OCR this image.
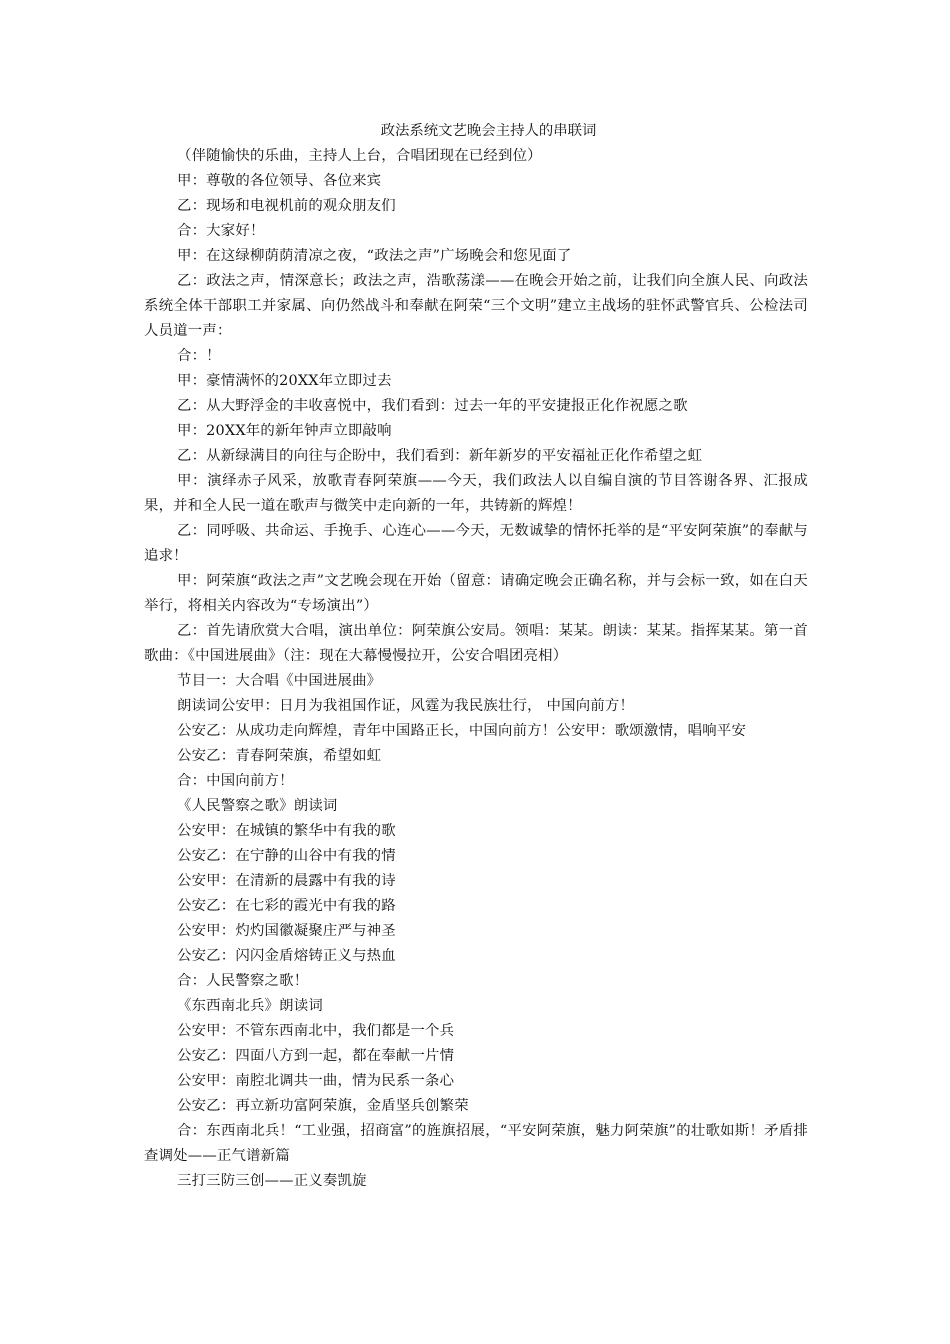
政法系统文艺晚会主持人的串联词

（伴随愉快的乐曲，主持人上台，合唱团现在已经到位）

甲：尊敬的各位领导、各位来宾

乙：现场和电视机前的观众朋友们

合：大家好！

甲：在这绿柳荫荫清凉之夜，“政法之声”广场晚会和您见面了

乙：政法之声，情深意长；政法之声，浩歌荡漾——在晚会开始之前，让我们向全旗人民、向政法系统全体干部职工并家属、向仍然战斗和奉献在阿荣“三个文明”建立主战场的驻怀武警官兵、公检法司人员道一声：

合：！

甲：豪情满怀的20XX年立即过去

乙：从大野浮金的丰收喜悦中，我们看到：过去一年的平安捷报正化作祝愿之歌

甲：20XX年的新年钟声立即敲响

乙：从新绿满目的向往与企盼中，我们看到：新年新岁的平安福祉正化作希望之虹

甲：演绎赤子风采，放歌青春阿荣旗——今天，我们政法人以自编自演的节目答谢各界、汇报成果，并和全人民一道在歌声与微笑中走向新的一年，共铸新的辉煌！

乙：同呼吸、共命运、手挽手、心连心——今天，无数诚挚的情怀托举的是“平安阿荣旗”的奉献与追求！

甲：阿荣旗“政法之声”文艺晚会现在开始（留意：请确定晚会正确名称，并与会标一致，如在白天举行，将相关内容改为“专场演出”）

乙：首先请欣赏大合唱，演出单位：阿荣旗公安局。领唱：某某。朗读：某某。指挥某某。第一首歌曲：《中国进展曲》（注：现在大幕慢慢拉开，公安合唱团亮相）

节目一：大合唱《中国进展曲》

朗读词公安甲：日月为我祖国作证，风霆为我民族壮行， 中国向前方！

公安乙：从成功走向辉煌，青年中国路正长，中国向前方！公安甲：歌颂激情，唱响平安

公安乙：青春阿荣旗，希望如虹

合：中国向前方！

《人民警察之歌》朗读词

公安甲：在城镇的繁华中有我的歌

公安乙：在宁静的山谷中有我的情

公安甲：在清新的晨露中有我的诗

公安乙：在七彩的霞光中有我的路

公安甲：灼灼国徽凝聚庄严与神圣

公安乙：闪闪金盾熔铸正义与热血

合：人民警察之歌！

《东西南北兵》朗读词

公安甲：不管东西南北中，我们都是一个兵

公安乙：四面八方到一起，都在奉献一片情

公安甲：南腔北调共一曲，情为民系一条心

公安乙：再立新功富阿荣旗，金盾坚兵创繁荣

合：东西南北兵！“工业强，招商富”的旌旗招展，“平安阿荣旗，魅力阿荣旗”的壮歌如斯！矛盾排查调处——正气谱新篇

三打三防三创——正义奏凯旋
